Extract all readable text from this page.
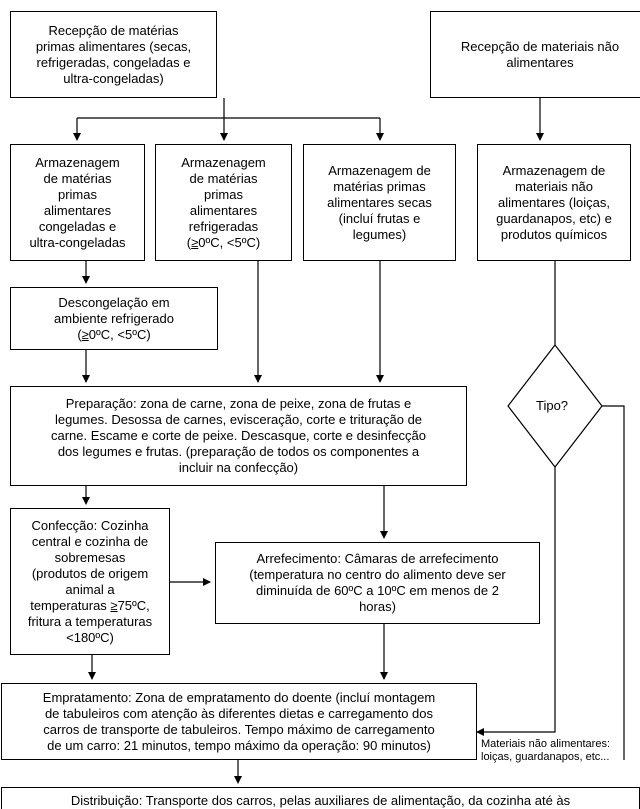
Recepção de matérias
primas alimentares (secas,
refrigeradas, congeladas e
ultra-congeladas)
Recepção de materiais não
alimentares
Armazenagem
de matérias
primas
alimentares
congeladas e
ultra-congeladas
Armazenagem
de matérias
primas
alimentares
refrigeradas
(≥0ºC, <5ºC)
Armazenagem de
matérias primas
alimentares secas
(incluí frutas e
legumes)
Armazenagem de
materiais não
alimentares (loiças,
guardanapos, etc) e
produtos químicos
Descongelação em
ambiente refrigerado
(≥0ºC, <5ºC)
Preparação: zona de carne, zona de peixe, zona de frutas e
legumes. Desossa de carnes, evisceração, corte e trituração de
carne. Escame e corte de peixe. Descasque, corte e desinfecção
dos legumes e frutas. (preparação de todos os componentes a
incluir na confecção)
Confecção: Cozinha
central e cozinha de
sobremesas
(produtos de origem
animal a
temperaturas ≥75ºC,
fritura a temperaturas
<180ºC)
Arrefecimento: Câmaras de arrefecimento
(temperatura no centro do alimento deve ser
diminuída de 60ºC a 10ºC em menos de 2
horas)
Empratamento: Zona de empratamento do doente (incluí montagem
de tabuleiros com atenção às diferentes dietas e carregamento dos
carros de transporte de tabuleiros. Tempo máximo de carregamento
de um carro: 21 minutos, tempo máximo da operação: 90 minutos)
Distribuição: Transporte dos carros, pelas auxiliares de alimentação, da cozinha até às
Tipo?
Materiais não alimentares:
loiças, guardanapos, etc...
